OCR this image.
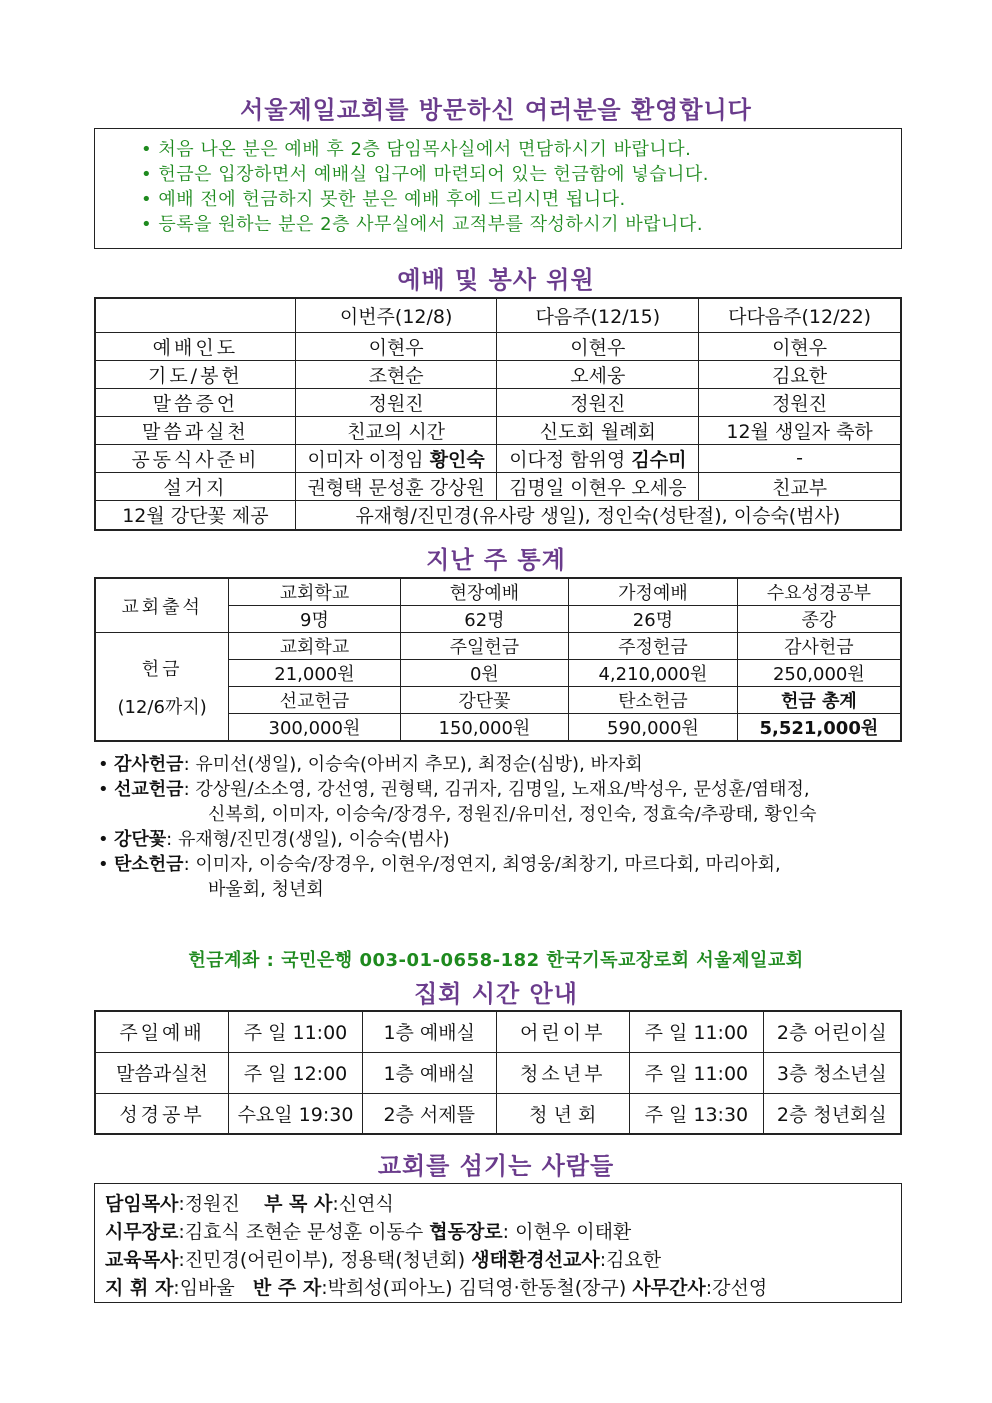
서울제일교회를 방문하신 여러분을 환영합니다
• 처음 나온 분은 예배 후 2층 담임목사실에서 면담하시기 바랍니다.
• 헌금은 입장하면서 예배실 입구에 마련되어 있는 헌금함에 넣습니다.
• 예배 전에 헌금하지 못한 분은 예배 후에 드리시면 됩니다.
• 등록을 원하는 분은 2층 사무실에서 교적부를 작성하시기 바랍니다.
예배 및 봉사 위원
	이번주(12/8)	다음주(12/15)	다다음주(12/22)
예배인도	이현우	이현우	이현우
기도/봉헌	조현순	오세웅	김요한
말씀증언	정원진	정원진	정원진
말씀과실천	친교의 시간	신도회 월례회	12월 생일자 축하
공동식사준비	이미자 이정임 황인숙	이다정 함위영 김수미	-
설거지	권형택 문성훈 강상원	김명일 이현우 오세응	친교부
12월 강단꽃 제공	유재형/진민경(유사랑 생일), 정인숙(성탄절), 이승숙(범사)		
지난 주 통계
교회출석	교회학교	현장예배	가정예배	수요성경공부
	9명	62명	26명	종강

헌금
(12/6까지)	교회학교	주일헌금	주정헌금	감사헌금
	21,000원	0원	4,210,000원	250,000원
	선교헌금	강단꽃	탄소헌금	헌금 총계
	300,000원	150,000원	590,000원	5,521,000원
• 감사헌금 : 유미선(생일), 이승숙(아버지 추모), 최정순(심방), 바자회
• 선교헌금 : 강상원/소소영, 강선영, 권형택, 김귀자, 김명일, 노재요/박성우, 문성훈/염태정,
신복희, 이미자, 이승숙/장경우, 정원진/유미선, 정인숙, 정효숙/추광태, 황인숙
• 강단꽃 : 유재형/진민경(생일), 이승숙(범사)
• 탄소헌금 : 이미자, 이승숙/장경우, 이현우/정연지, 최영웅/최창기, 마르다회, 마리아회,
바울회, 청년회
헌금계좌 : 국민은행 003-01-0658-182 한국기독교장로회 서울제일교회
집회 시간 안내
주일예배	주 일 11:00	1층 예배실	어린이부	주 일 11:00	2층 어린이실
말씀과실천	주 일 12:00	1층 예배실	청소년부	주 일 11:00	3층 청소년실
성경공부	수요일 19:30	2층 서제뜰	청 년 회	주 일 13:30	2층 청년회실
교회를 섬기는 사람들
담임목사:정원진 부 목 사:신연식
시무장로:김효식 조현순 문성훈 이동수 협동장로: 이현우 이태환
교육목사:진민경(어린이부), 정용택(청년회) 생태환경선교사:김요한
지 휘 자:임바울 반 주 자:박희성(피아노) 김덕영·한동철(장구) 사무간사:강선영
